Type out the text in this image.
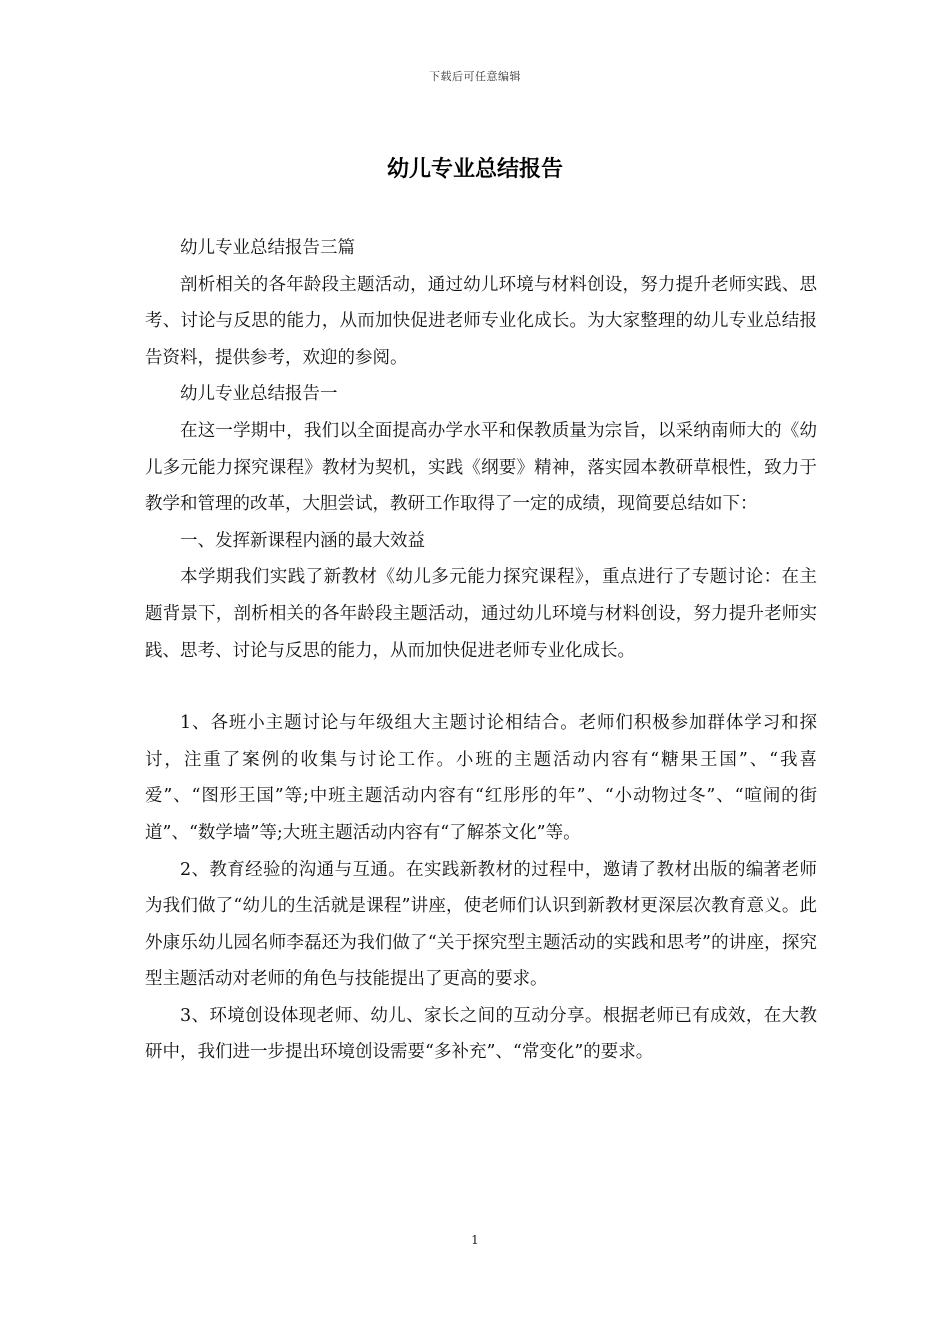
下载后可任意编辑
幼儿专业总结报告

幼儿专业总结报告三篇

剖析相关的各年龄段主题活动，通过幼儿环境与材料创设，努力提升老师实践、思考、讨论与反思的能力，从而加快促进老师专业化成长。为大家整理的幼儿专业总结报告资料，提供参考，欢迎的参阅。

幼儿专业总结报告一

在这一学期中，我们以全面提高办学水平和保教质量为宗旨，以采纳南师大的《幼儿多元能力探究课程》教材为契机，实践《纲要》精神，落实园本教研草根性，致力于教学和管理的改革，大胆尝试，教研工作取得了一定的成绩，现简要总结如下：

一、发挥新课程内涵的最大效益

本学期我们实践了新教材《幼儿多元能力探究课程》，重点进行了专题讨论：在主题背景下，剖析相关的各年龄段主题活动，通过幼儿环境与材料创设，努力提升老师实践、思考、讨论与反思的能力，从而加快促进老师专业化成长。

1、各班小主题讨论与年级组大主题讨论相结合。老师们积极参加群体学习和探讨，注重了案例的收集与讨论工作。小班的主题活动内容有“糖果王国”、“我喜爱”、“图形王国”等;中班主题活动内容有“红彤彤的年”、“小动物过冬”、“喧闹的街道”、“数学墙”等;大班主题活动内容有“了解茶文化”等。

2、教育经验的沟通与互通。在实践新教材的过程中，邀请了教材出版的编著老师为我们做了“幼儿的生活就是课程”讲座，使老师们认识到新教材更深层次教育意义。此外康乐幼儿园名师李磊还为我们做了“关于探究型主题活动的实践和思考”的讲座，探究型主题活动对老师的角色与技能提出了更高的要求。

3、环境创设体现老师、幼儿、家长之间的互动分享。根据老师已有成效，在大教研中，我们进一步提出环境创设需要“多补充”、“常变化”的要求。

1
